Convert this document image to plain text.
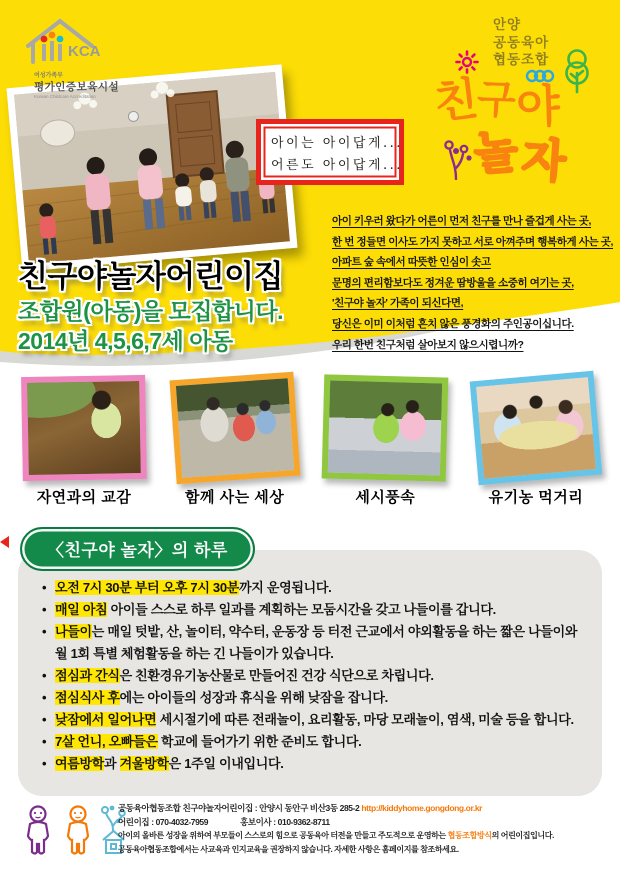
KCA
여성가족부
평가인증보육시설
Korean Childcare Accreditation
아이는 아이답게...
어른도 아이답게...
안양
공동육아
협동조합
친구야
놀자
친구야놀자어린이집
조합원(아동)을 모집합니다.
2014년 4,5,6,7세 아동
아이 키우러 왔다가 어른이 먼저 친구를 만나 즐겁게 사는 곳,
한 번 정들면 이사도 가지 못하고 서로 아껴주며 행복하게 사는 곳,
아파트 숲 속에서 따뜻한 인심이 솟고
문명의 편리함보다도 정겨운 땀방울을 소중히 여기는 곳,
'친구야 놀자' 가족이 되신다면,
당신은 이미 이처럼 흔치 않은 풍경화의 주인공이십니다.
우리 한번 친구처럼 살아보지 않으시렵니까?
자연과의 교감	함께 사는 세상	세시풍속	유기농 먹거리
• 오전 7시 30분 부터 오후 7시 30분까지 운영됩니다.
• 매일 아침 아이들 스스로 하루 일과를 계획하는 모둠시간을 갖고 나들이를 갑니다.
• 나들이는 매일 텃밭, 산, 놀이터, 약수터, 운동장 등 터전 근교에서 야외활동을 하는 짧은 나들이와 월 1회 특별 체험활동을 하는 긴 나들이가 있습니다.
• 점심과 간식은 친환경유기농산물로 만들어진 건강 식단으로 차립니다.
• 점심식사 후에는 아이들의 성장과 휴식을 위해 낮잠을 잡니다.
• 낮잠에서 일어나면 세시절기에 따른 전래놀이, 요리활동, 마당 모래놀이, 염색, 미술 등을 합니다.
• 7살 언니, 오빠들은 학교에 들어가기 위한 준비도 합니다.
• 여름방학과 겨울방학은 1주일 이내입니다.
〈친구야 놀자〉의 하루
공동육아협동조합 친구야놀자어린이집 : 안양시 동안구 비산3동 285-2 http://kiddyhome.gongdong.or.kr
어린이집 : 070-4032-7959	홍보이사 : 010-9362-8711
아이의 올바른 성장을 위하여 부모들이 스스로의 힘으로 공동육아 터전을 만들고 주도적으로 운영하는 협동조합방식의 어린이집입니다.
공동육아협동조합에서는 사교육과 인지교육을 권장하지 않습니다. 자세한 사항은 홈페이지를 참조하세요.
